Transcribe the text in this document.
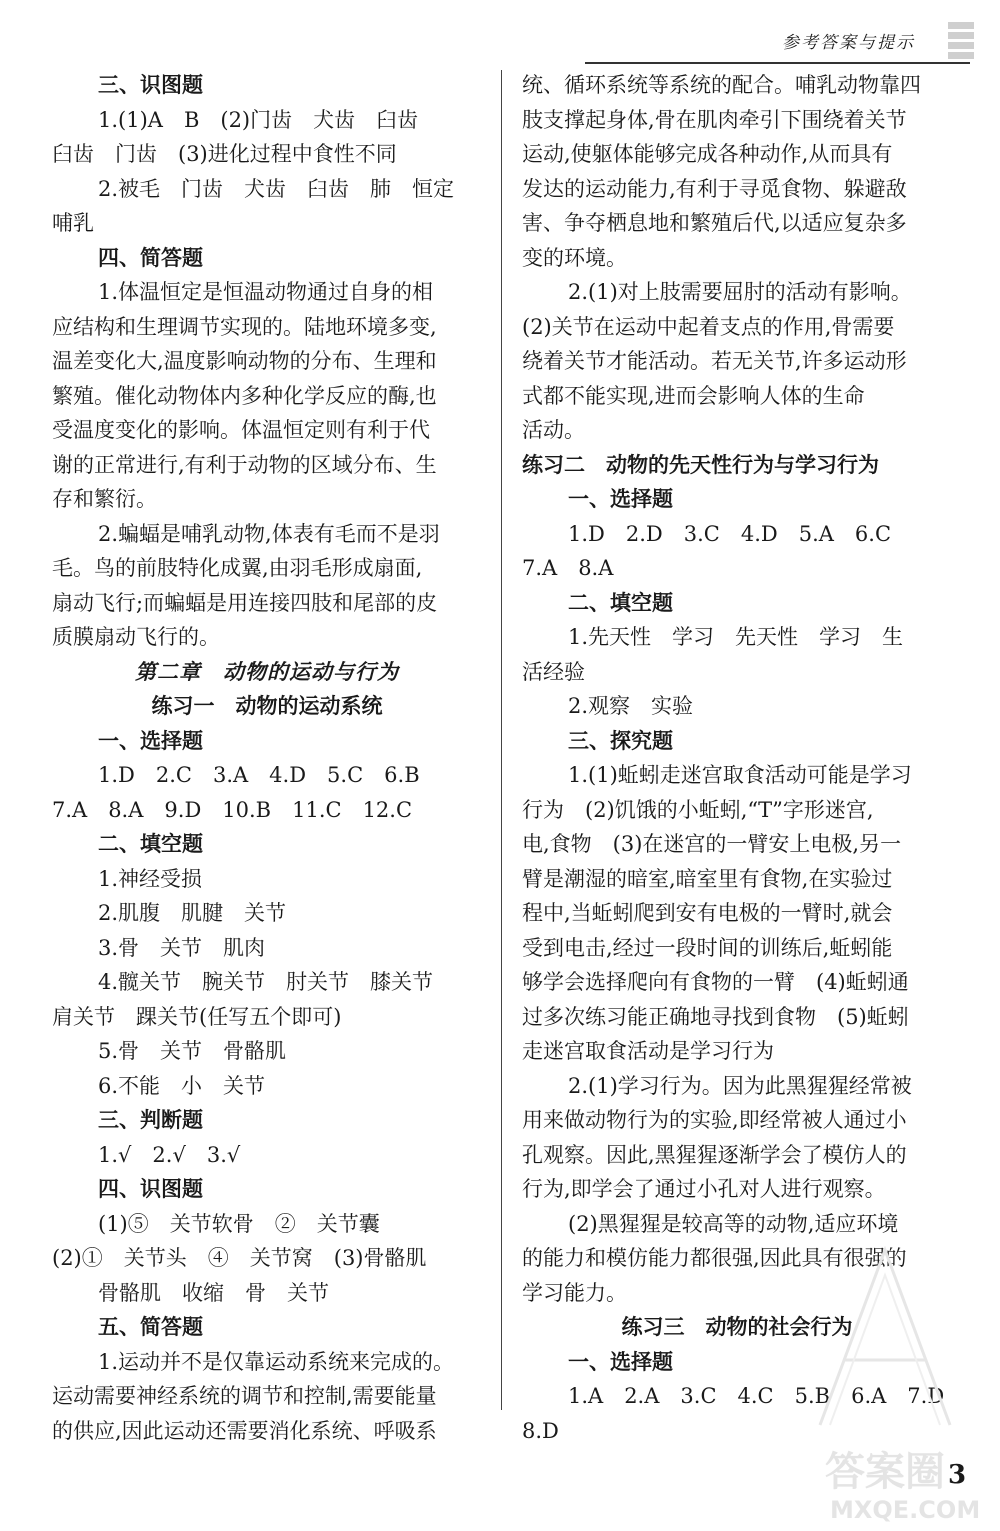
参考答案与提示
三、识图题
1.(1)A　B　(2)门齿　犬齿　臼齿
臼齿　门齿　(3)进化过程中食性不同
2.被毛　门齿　犬齿　臼齿　肺　恒定
哺乳
四、简答题
1.体温恒定是恒温动物通过自身的相
应结构和生理调节实现的。陆地环境多变,
温差变化大,温度影响动物的分布、生理和
繁殖。催化动物体内多种化学反应的酶,也
受温度变化的影响。体温恒定则有利于代
谢的正常进行,有利于动物的区域分布、生
存和繁衍。
2.蝙蝠是哺乳动物,体表有毛而不是羽
毛。鸟的前肢特化成翼,由羽毛形成扇面,
扇动飞行;而蝙蝠是用连接四肢和尾部的皮
质膜扇动飞行的。
第二章　动物的运动与行为
练习一　动物的运动系统
一、选择题
1.D　2.C　3.A　4.D　5.C　6.B
7.A　8.A　9.D　10.B　11.C　12.C
二、填空题
1.神经受损
2.肌腹　肌腱　关节
3.骨　关节　肌肉
4.髋关节　腕关节　肘关节　膝关节
肩关节　踝关节(任写五个即可)
5.骨　关节　骨骼肌
6.不能　小　关节
三、判断题
1.√　2.√　3.√
四、识图题
(1)⑤　关节软骨　②　关节囊
(2)①　关节头　④　关节窝　(3)骨骼肌
骨骼肌　收缩　骨　关节
五、简答题
1.运动并不是仅靠运动系统来完成的。
运动需要神经系统的调节和控制,需要能量
的供应,因此运动还需要消化系统、呼吸系
统、循环系统等系统的配合。哺乳动物靠四
肢支撑起身体,骨在肌肉牵引下围绕着关节
运动,使躯体能够完成各种动作,从而具有
发达的运动能力,有利于寻觅食物、躲避敌
害、争夺栖息地和繁殖后代,以适应复杂多
变的环境。
2.(1)对上肢需要屈肘的活动有影响。
(2)关节在运动中起着支点的作用,骨需要
绕着关节才能活动。若无关节,许多运动形
式都不能实现,进而会影响人体的生命
活动。
练习二　动物的先天性行为与学习行为
一、选择题
1.D　2.D　3.C　4.D　5.A　6.C
7.A　8.A
二、填空题
1.先天性　学习　先天性　学习　生
活经验
2.观察　实验
三、探究题
1.(1)蚯蚓走迷宫取食活动可能是学习
行为　(2)饥饿的小蚯蚓,“T”字形迷宫,
电,食物　(3)在迷宫的一臂安上电极,另一
臂是潮湿的暗室,暗室里有食物,在实验过
程中,当蚯蚓爬到安有电极的一臂时,就会
受到电击,经过一段时间的训练后,蚯蚓能
够学会选择爬向有食物的一臂　(4)蚯蚓通
过多次练习能正确地寻找到食物　(5)蚯蚓
走迷宫取食活动是学习行为
2.(1)学习行为。因为此黑猩猩经常被
用来做动物行为的实验,即经常被人通过小
孔观察。因此,黑猩猩逐渐学会了模仿人的
行为,即学会了通过小孔对人进行观察。
(2)黑猩猩是较高等的动物,适应环境
的能力和模仿能力都很强,因此具有很强的
学习能力。
练习三　动物的社会行为
一、选择题
1.A　2.A　3.C　4.C　5.B　6.A　7.D
8.D
答案圈
MXQE.COM
3
